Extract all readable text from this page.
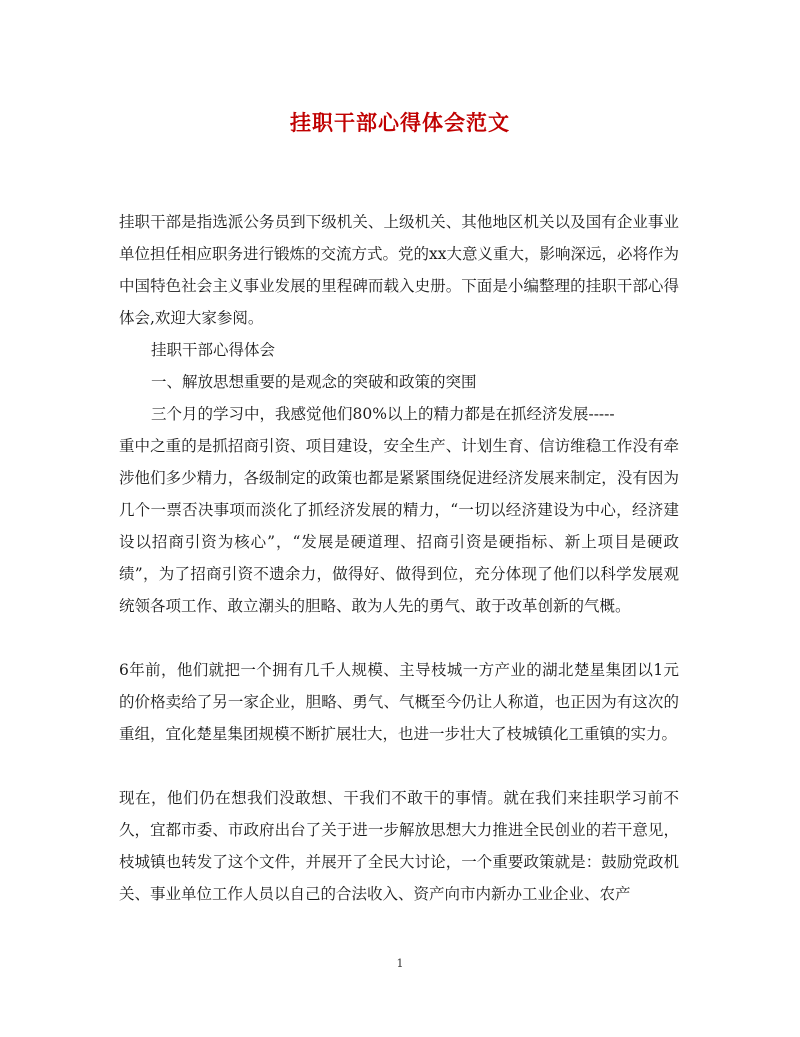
挂职干部心得体会范文

挂职干部是指选派公务员到下级机关、上级机关、其他地区机关以及国有企业事业单位担任相应职务进行锻炼的交流方式。党的xx大意义重大，影响深远，必将作为中国特色社会主义事业发展的里程碑而载入史册。下面是小编整理的挂职干部心得体会,欢迎大家参阅。

挂职干部心得体会

一、解放思想重要的是观念的突破和政策的突围

三个月的学习中，我感觉他们80%以上的精力都是在抓经济发展-----

重中之重的是抓招商引资、项目建设，安全生产、计划生育、信访维稳工作没有牵涉他们多少精力，各级制定的政策也都是紧紧围绕促进经济发展来制定，没有因为几个一票否决事项而淡化了抓经济发展的精力，“一切以经济建设为中心，经济建设以招商引资为核心”，“发展是硬道理、招商引资是硬指标、新上项目是硬政绩”，为了招商引资不遗余力，做得好、做得到位，充分体现了他们以科学发展观统领各项工作、敢立潮头的胆略、敢为人先的勇气、敢于改革创新的气概。

6年前，他们就把一个拥有几千人规模、主导枝城一方产业的湖北楚星集团以1元的价格卖给了另一家企业，胆略、勇气、气概至今仍让人称道，也正因为有这次的重组，宜化楚星集团规模不断扩展壮大，也进一步壮大了枝城镇化工重镇的实力。

现在，他们仍在想我们没敢想、干我们不敢干的事情。就在我们来挂职学习前不久，宜都市委、市政府出台了关于进一步解放思想大力推进全民创业的若干意见，枝城镇也转发了这个文件，并展开了全民大讨论，一个重要政策就是：鼓励党政机关、事业单位工作人员以自己的合法收入、资产向市内新办工业企业、农产

1
